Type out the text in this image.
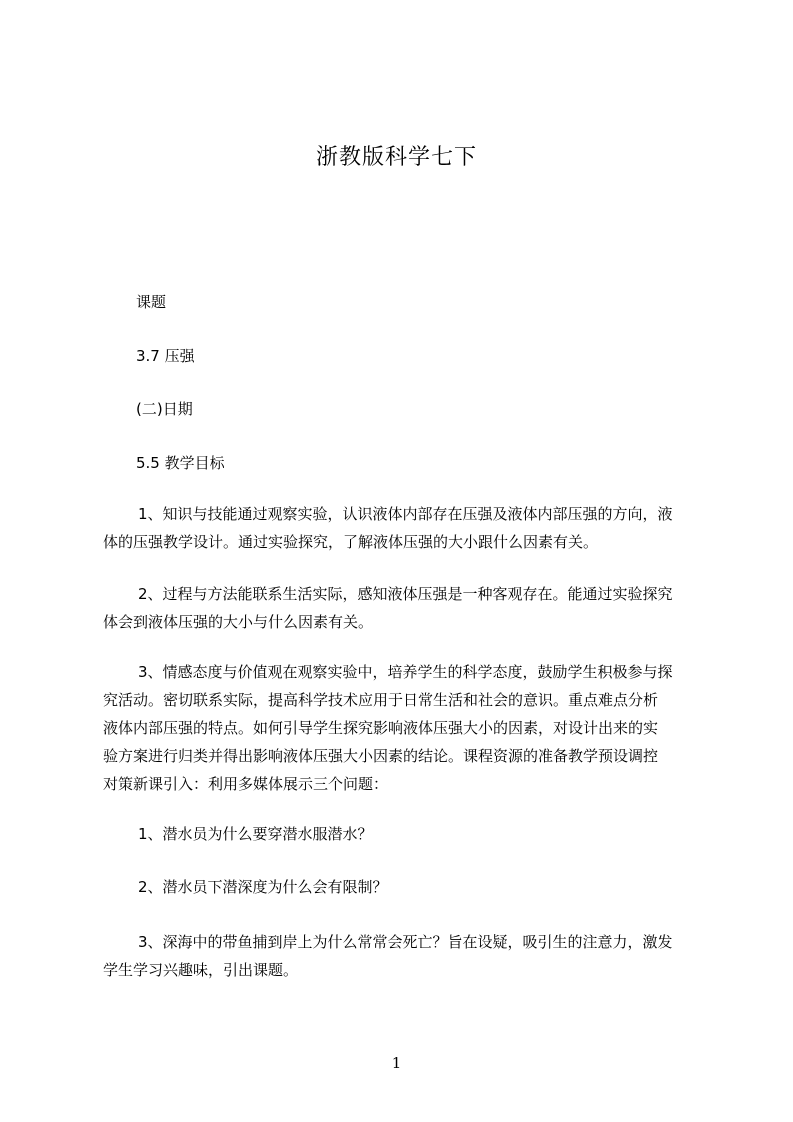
浙教版科学七下
课题
3.7 压强
(二)日期
5.5 教学目标
1、知识与技能通过观察实验，认识液体内部存在压强及液体内部压强的方向，液
体的压强教学设计。通过实验探究，了解液体压强的大小跟什么因素有关。
2、过程与方法能联系生活实际，感知液体压强是一种客观存在。能通过实验探究
体会到液体压强的大小与什么因素有关。
3、情感态度与价值观在观察实验中，培养学生的科学态度，鼓励学生积极参与探
究活动。密切联系实际，提高科学技术应用于日常生活和社会的意识。重点难点分析
液体内部压强的特点。如何引导学生探究影响液体压强大小的因素，对设计出来的实
验方案进行归类并得出影响液体压强大小因素的结论。课程资源的准备教学预设调控
对策新课引入：利用多媒体展示三个问题：
1、潜水员为什么要穿潜水服潜水？
2、潜水员下潜深度为什么会有限制？
3、深海中的带鱼捕到岸上为什么常常会死亡？旨在设疑，吸引生的注意力，激发
学生学习兴趣味，引出课题。
1
